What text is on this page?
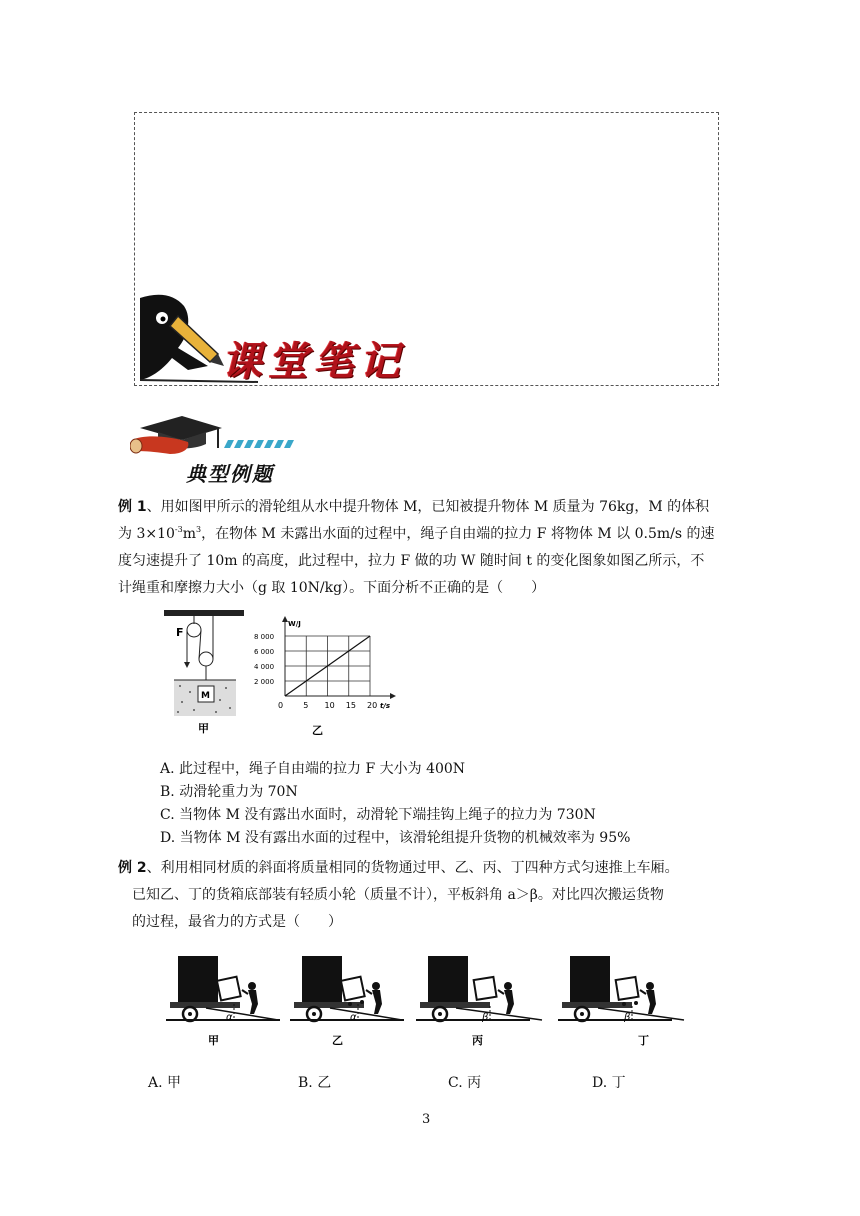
课堂笔记
典型例题
例 1、用如图甲所示的滑轮组从水中提升物体 M，已知被提升物体 M 质量为 76kg，M 的体积
为 $3\times 10^{-3}m^3$，在物体 M 未露出水面的过程中，绳子自由端的拉力 F 将物体 M 以 0.5m/s 的速
度匀速提升了 10m 的高度，此过程中，拉力 F 做的功 W 随时间 t 的变化图象如图乙所示，不
计绳重和摩擦力大小（g 取 10N/kg）。下面分析不正确的是（　　）
F
M
甲
5 10 15 20
2 000
4 000
6 000
8 000
W/J
t/s
0
乙
A. 此过程中，绳子自由端的拉力 F 大小为 400N
B. 动滑轮重力为 70N
C. 当物体 M 没有露出水面时，动滑轮下端挂钩上绳子的拉力为 730N
D. 当物体 M 没有露出水面的过程中，该滑轮组提升货物的机械效率为 95%
例 2、利用相同材质的斜面将质量相同的货物通过甲、乙、丙、丁四种方式匀速推上车厢。
已知乙、丁的货箱底部装有轻质小轮（质量不计），平板斜角 a＞β。对比四次搬运货物
的过程，最省力的方式是（　　）
α
甲
α
乙
β
丙
β
丁
A. 甲	B. 乙	C. 丙	D. 丁
3
